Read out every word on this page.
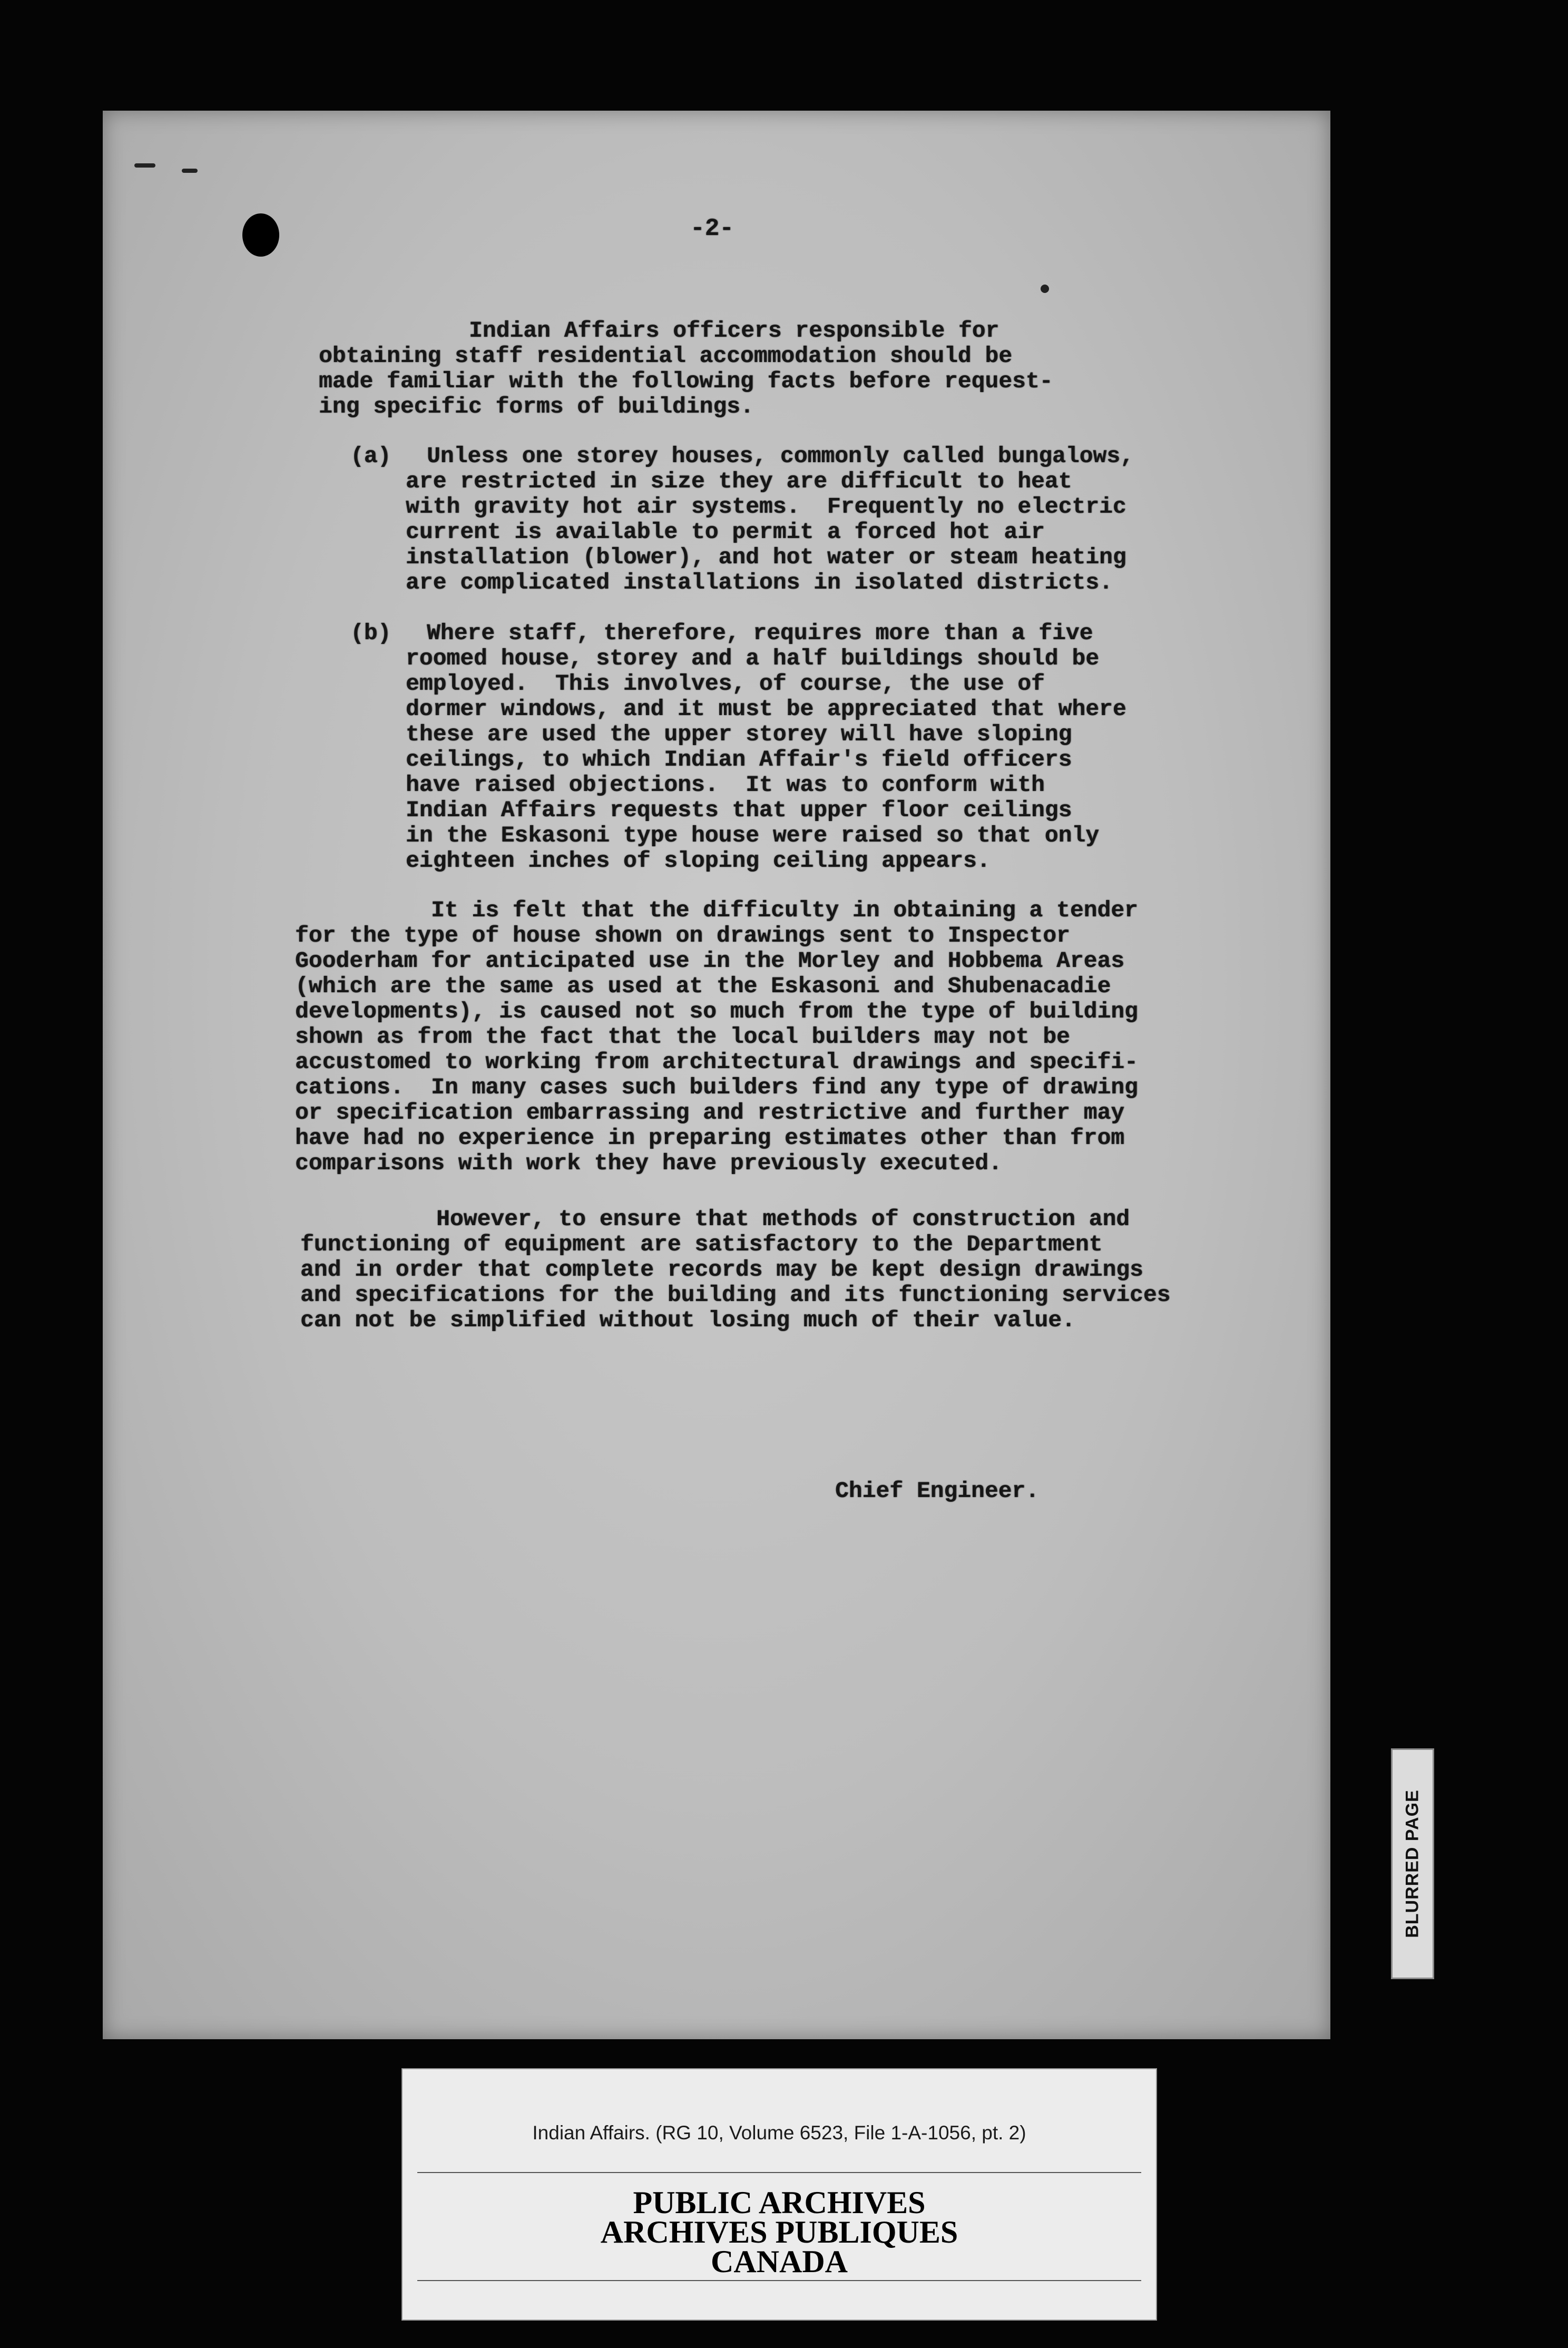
-2-

Indian Affairs officers responsible for

obtaining staff residential accommodation should be

made familiar with the following facts before request-

ing specific forms of buildings.

(a) Unless one storey houses, commonly called bungalows,

are restricted in size they are difficult to heat

with gravity hot air systems.  Frequently no electric

current is available to permit a forced hot air

installation (blower), and hot water or steam heating

are complicated installations in isolated districts.

(b) Where staff, therefore, requires more than a five

roomed house, storey and a half buildings should be

employed.  This involves, of course, the use of

dormer windows, and it must be appreciated that where

these are used the upper storey will have sloping

ceilings, to which Indian Affair's field officers

have raised objections.  It was to conform with

Indian Affairs requests that upper floor ceilings

in the Eskasoni type house were raised so that only

eighteen inches of sloping ceiling appears.

It is felt that the difficulty in obtaining a tender

for the type of house shown on drawings sent to Inspector

Gooderham for anticipated use in the Morley and Hobbema Areas

(which are the same as used at the Eskasoni and Shubenacadie

developments), is caused not so much from the type of building

shown as from the fact that the local builders may not be

accustomed to working from architectural drawings and specifi-

cations.  In many cases such builders find any type of drawing

or specification embarrassing and restrictive and further may

have had no experience in preparing estimates other than from

comparisons with work they have previously executed.

However, to ensure that methods of construction and

functioning of equipment are satisfactory to the Department

and in order that complete records may be kept design drawings

and specifications for the building and its functioning services

can not be simplified without losing much of their value.

Chief Engineer.

BLURRED PAGE

Indian Affairs. (RG 10, Volume 6523, File 1-A-1056, pt. 2)

PUBLIC ARCHIVES
ARCHIVES PUBLIQUES
CANADA
